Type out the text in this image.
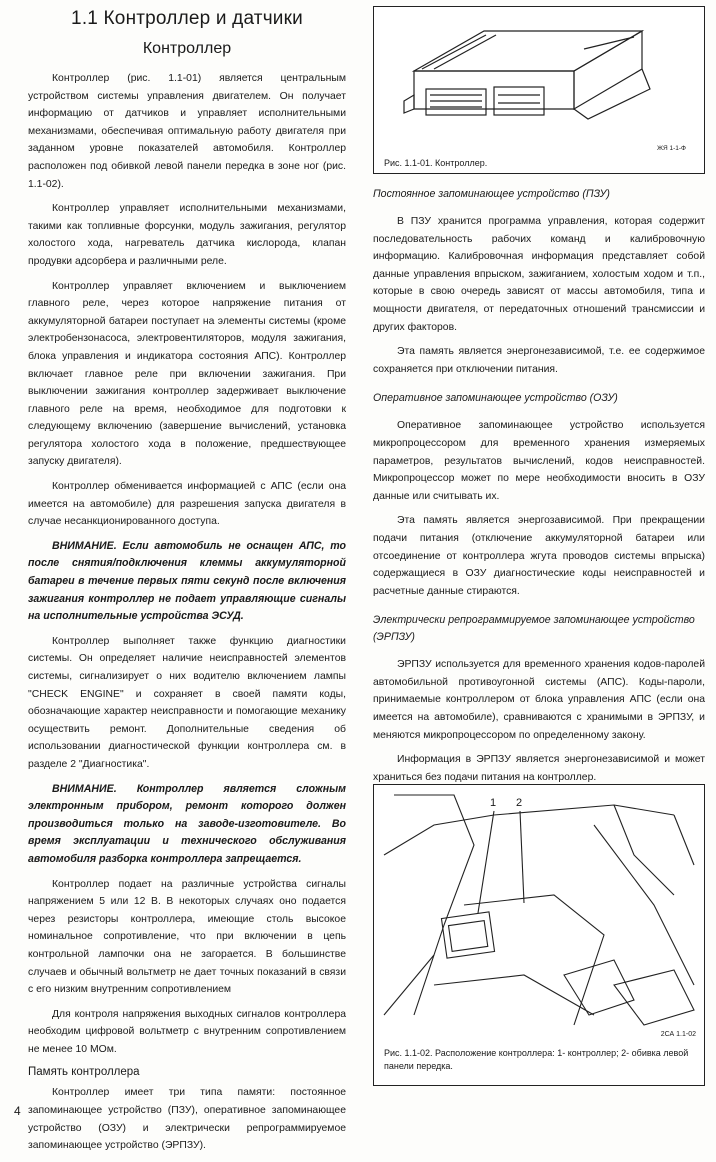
1.1 Контроллер и датчики
Контроллер

Контроллер (рис. 1.1-01) является центральным устройством системы управления двигателем. Он получает информацию от датчиков и управляет исполнительными механизмами, обеспечивая оптимальную работу двигателя при заданном уровне показателей автомобиля. Контроллер расположен под обивкой левой панели передка в зоне ног (рис. 1.1-02).

Контроллер управляет исполнительными механизмами, такими как топливные форсунки, модуль зажигания, регулятор холостого хода, нагреватель датчика кислорода, клапан продувки адсорбера и различными реле.

Контроллер управляет включением и выключением главного реле, через которое напряжение питания от аккумуляторной батареи поступает на элементы системы (кроме электробензонасоса, электровентиляторов, модуля зажигания, блока управления и индикатора состояния АПС). Контроллер включает главное реле при включении зажигания. При выключении зажигания контроллер задерживает выключение главного реле на время, необходимое для подготовки к следующему включению (завершение вычислений, установка регулятора холостого хода в положение, предшествующее запуску двигателя).

Контроллер обменивается информацией с АПС (если она имеется на автомобиле) для разрешения запуска двигателя в случае несанкционированного доступа.

ВНИМАНИЕ. Если автомобиль не оснащен АПС, то после снятия/подключения клеммы аккумуляторной батареи в течение первых пяти секунд после включения зажигания контроллер не подает управляющие сигналы на исполнительные устройства ЭСУД.

Контроллер выполняет также функцию диагностики системы. Он определяет наличие неисправностей элементов системы, сигнализирует о них водителю включением лампы "CHECK ENGINE" и сохраняет в своей памяти коды, обозначающие характер неисправности и помогающие механику осуществить ремонт. Дополнительные сведения об использовании диагностической функции контроллера см. в разделе 2 "Диагностика".

ВНИМАНИЕ. Контроллер является сложным электронным прибором, ремонт которого должен производиться только на заводе-изготовителе. Во время эксплуатации и технического обслуживания автомобиля разборка контроллера запрещается.

Контроллер подает на различные устройства сигналы напряжением 5 или 12 В. В некоторых случаях оно подается через резисторы контроллера, имеющие столь высокое номинальное сопротивление, что при включении в цепь контрольной лампочки она не загорается. В большинстве случаев и обычный вольтметр не дает точных показаний в связи с его низким внутренним сопротивлением

Для контроля напряжения выходных сигналов контроллера необходим цифровой вольтметр с внутренним сопротивлением не менее 10 МОм.

Память контроллера

Контроллер имеет три типа памяти: постоянное запоминающее устройство (ПЗУ), оперативное запоминающее устройство (ОЗУ) и электрически репрограммируемое запоминающее устройство (ЭРПЗУ).

ЖЯ 1-1-Ф
Рис. 1.1-01. Контроллер.
Постоянное запоминающее устройство (ПЗУ)

В ПЗУ хранится программа управления, которая содержит последовательность рабочих команд и калибровочную информацию. Калибровочная информация представляет собой данные управления впрыском, зажиганием, холостым ходом и т.п., которые в свою очередь зависят от массы автомобиля, типа и мощности двигателя, от передаточных отношений трансмиссии и других факторов.

Эта память является энергонезависимой, т.е. ее содержимое сохраняется при отключении питания.

Оперативное запоминающее устройство (ОЗУ)

Оперативное запоминающее устройство используется микропроцессором для временного хранения измеряемых параметров, результатов вычислений, кодов неисправностей. Микропроцессор может по мере необходимости вносить в ОЗУ данные или считывать их.

Эта память является энергозависимой. При прекращении подачи питания (отключение аккумуляторной батареи или отсоединение от контроллера жгута проводов системы впрыска) содержащиеся в ОЗУ диагностические коды неисправностей и расчетные данные стираются.

Электрически репрограммируемое запоминающее устройство (ЭРПЗУ)

ЭРПЗУ используется для временного хранения кодов-паролей автомобильной противоугонной системы (АПС). Коды-пароли, принимаемые контроллером от блока управления АПС (если она имеется на автомобиле), сравниваются с хранимыми в ЭРПЗУ, и меняются микропроцессором по определенному закону.

Информация в ЭРПЗУ является энергонезависимой и может храниться без подачи питания на контроллер.

1 2
2СА 1.1-02
Рис. 1.1-02. Расположение контроллера: 1- контроллер; 2- обивка левой панели передка.
4
